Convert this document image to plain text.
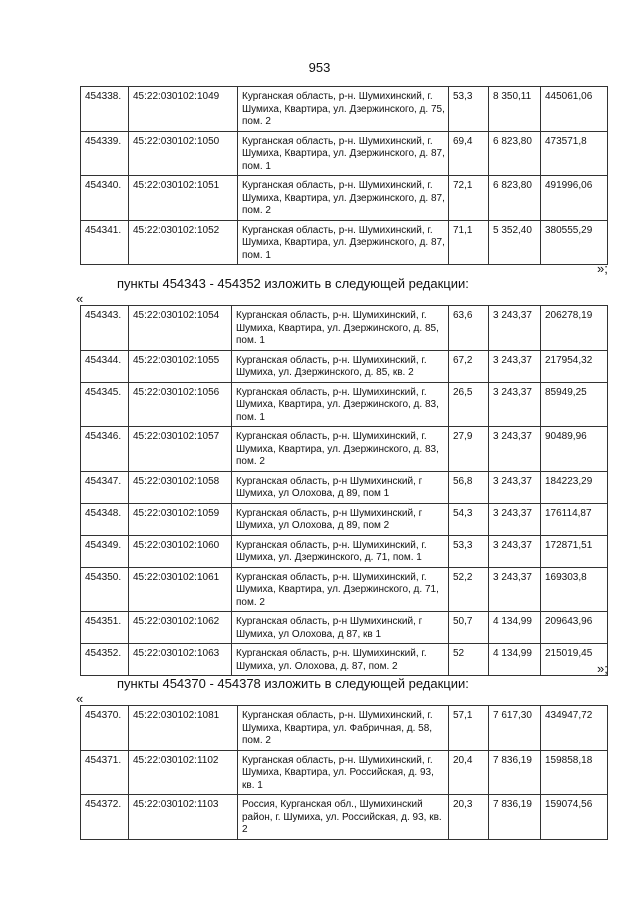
953
454338.	45:22:030102:1049	Курганская область, р-н. Шумихинский, г. Шумиха, Квартира, ул. Дзержинского, д. 75, пом. 2	53,3	8 350,11	445061,06
454339.	45:22:030102:1050	Курганская область, р-н. Шумихинский, г. Шумиха, Квартира, ул. Дзержинского, д. 87, пом. 1	69,4	6 823,80	473571,8
454340.	45:22:030102:1051	Курганская область, р-н. Шумихинский, г. Шумиха, Квартира, ул. Дзержинского, д. 87, пом. 2	72,1	6 823,80	491996,06
454341.	45:22:030102:1052	Курганская область, р-н. Шумихинский, г. Шумиха, Квартира, ул. Дзержинского, д. 87, пом. 1	71,1	5 352,40	380555,29
»;
пункты 454343 - 454352 изложить в следующей редакции:
«
454343.	45:22:030102:1054	Курганская область, р-н. Шумихинский, г. Шумиха, Квартира, ул. Дзержинского, д. 85, пом. 1	63,6	3 243,37	206278,19
454344.	45:22:030102:1055	Курганская область, р-н. Шумихинский, г. Шумиха, ул. Дзержинского, д. 85, кв. 2	67,2	3 243,37	217954,32
454345.	45:22:030102:1056	Курганская область, р-н. Шумихинский, г. Шумиха, Квартира, ул. Дзержинского, д. 83, пом. 1	26,5	3 243,37	85949,25
454346.	45:22:030102:1057	Курганская область, р-н. Шумихинский, г. Шумиха, Квартира, ул. Дзержинского, д. 83, пом. 2	27,9	3 243,37	90489,96
454347.	45:22:030102:1058	Курганская область, р-н Шумихинский, г Шумиха, ул Олохова, д 89, пом 1	56,8	3 243,37	184223,29
454348.	45:22:030102:1059	Курганская область, р-н Шумихинский, г Шумиха, ул Олохова, д 89, пом 2	54,3	3 243,37	176114,87
454349.	45:22:030102:1060	Курганская область, р-н. Шумихинский, г. Шумиха, ул. Дзержинского, д. 71, пом. 1	53,3	3 243,37	172871,51
454350.	45:22:030102:1061	Курганская область, р-н. Шумихинский, г. Шумиха, Квартира, ул. Дзержинского, д. 71, пом. 2	52,2	3 243,37	169303,8
454351.	45:22:030102:1062	Курганская область, р-н Шумихинский, г Шумиха, ул Олохова, д 87, кв 1	50,7	4 134,99	209643,96
454352.	45:22:030102:1063	Курганская область, р-н. Шумихинский, г. Шумиха, ул. Олохова, д. 87, пом. 2	52	4 134,99	215019,45
»;
пункты 454370 - 454378 изложить в следующей редакции:
«
454370.	45:22:030102:1081	Курганская область, р-н. Шумихинский, г. Шумиха, Квартира, ул. Фабричная, д. 58, пом. 2	57,1	7 617,30	434947,72
454371.	45:22:030102:1102	Курганская область, р-н. Шумихинский, г. Шумиха, Квартира, ул. Российская, д. 93, кв. 1	20,4	7 836,19	159858,18
454372.	45:22:030102:1103	Россия, Курганская обл., Шумихинский район, г. Шумиха, ул. Российская, д. 93, кв. 2	20,3	7 836,19	159074,56
